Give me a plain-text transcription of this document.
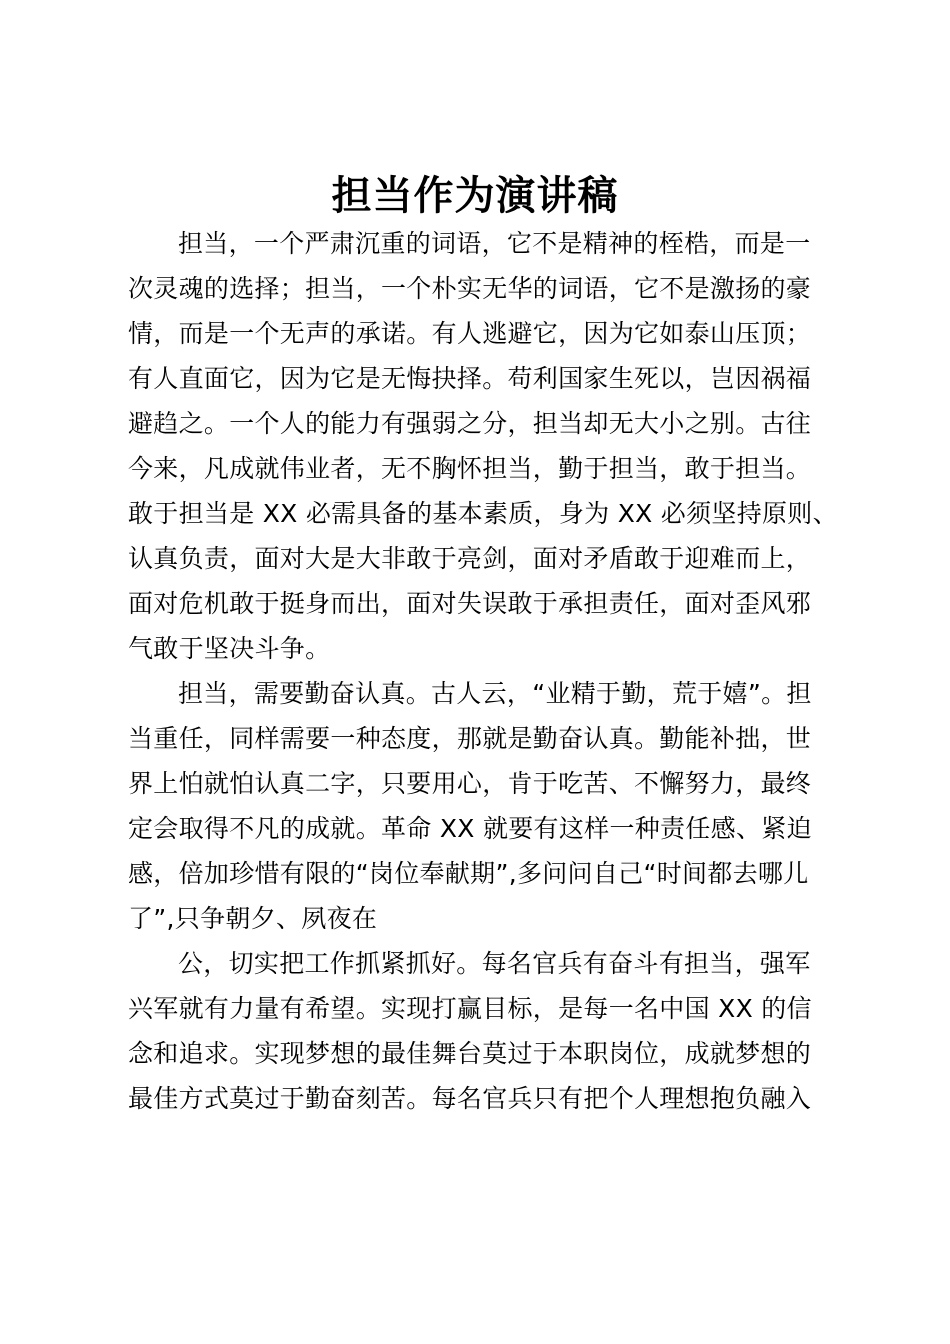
担当作为演讲稿
担当，一个严肃沉重的词语，它不是精神的桎梏，而是一
次灵魂的选择；担当，一个朴实无华的词语，它不是激扬的豪
情，而是一个无声的承诺。有人逃避它，因为它如泰山压顶；
有人直面它，因为它是无悔抉择。苟利国家生死以，岂因祸福
避趋之。一个人的能力有强弱之分，担当却无大小之别。古往
今来，凡成就伟业者，无不胸怀担当，勤于担当，敢于担当。
敢于担当是 XX 必需具备的基本素质，身为 XX 必须坚持原则、
认真负责，面对大是大非敢于亮剑，面对矛盾敢于迎难而上，
面对危机敢于挺身而出，面对失误敢于承担责任，面对歪风邪
气敢于坚决斗争。
担当，需要勤奋认真。古人云，“业精于勤，荒于嬉”。担
当重任，同样需要一种态度，那就是勤奋认真。勤能补拙，世
界上怕就怕认真二字，只要用心，肯于吃苦、不懈努力，最终
定会取得不凡的成就。革命 XX 就要有这样一种责任感、紧迫
感，倍加珍惜有限的“岗位奉献期”,多问问自己“时间都去哪儿
了”,只争朝夕、夙夜在
公，切实把工作抓紧抓好。每名官兵有奋斗有担当，强军
兴军就有力量有希望。实现打赢目标，是每一名中国 XX 的信
念和追求。实现梦想的最佳舞台莫过于本职岗位，成就梦想的
最佳方式莫过于勤奋刻苦。每名官兵只有把个人理想抱负融入
